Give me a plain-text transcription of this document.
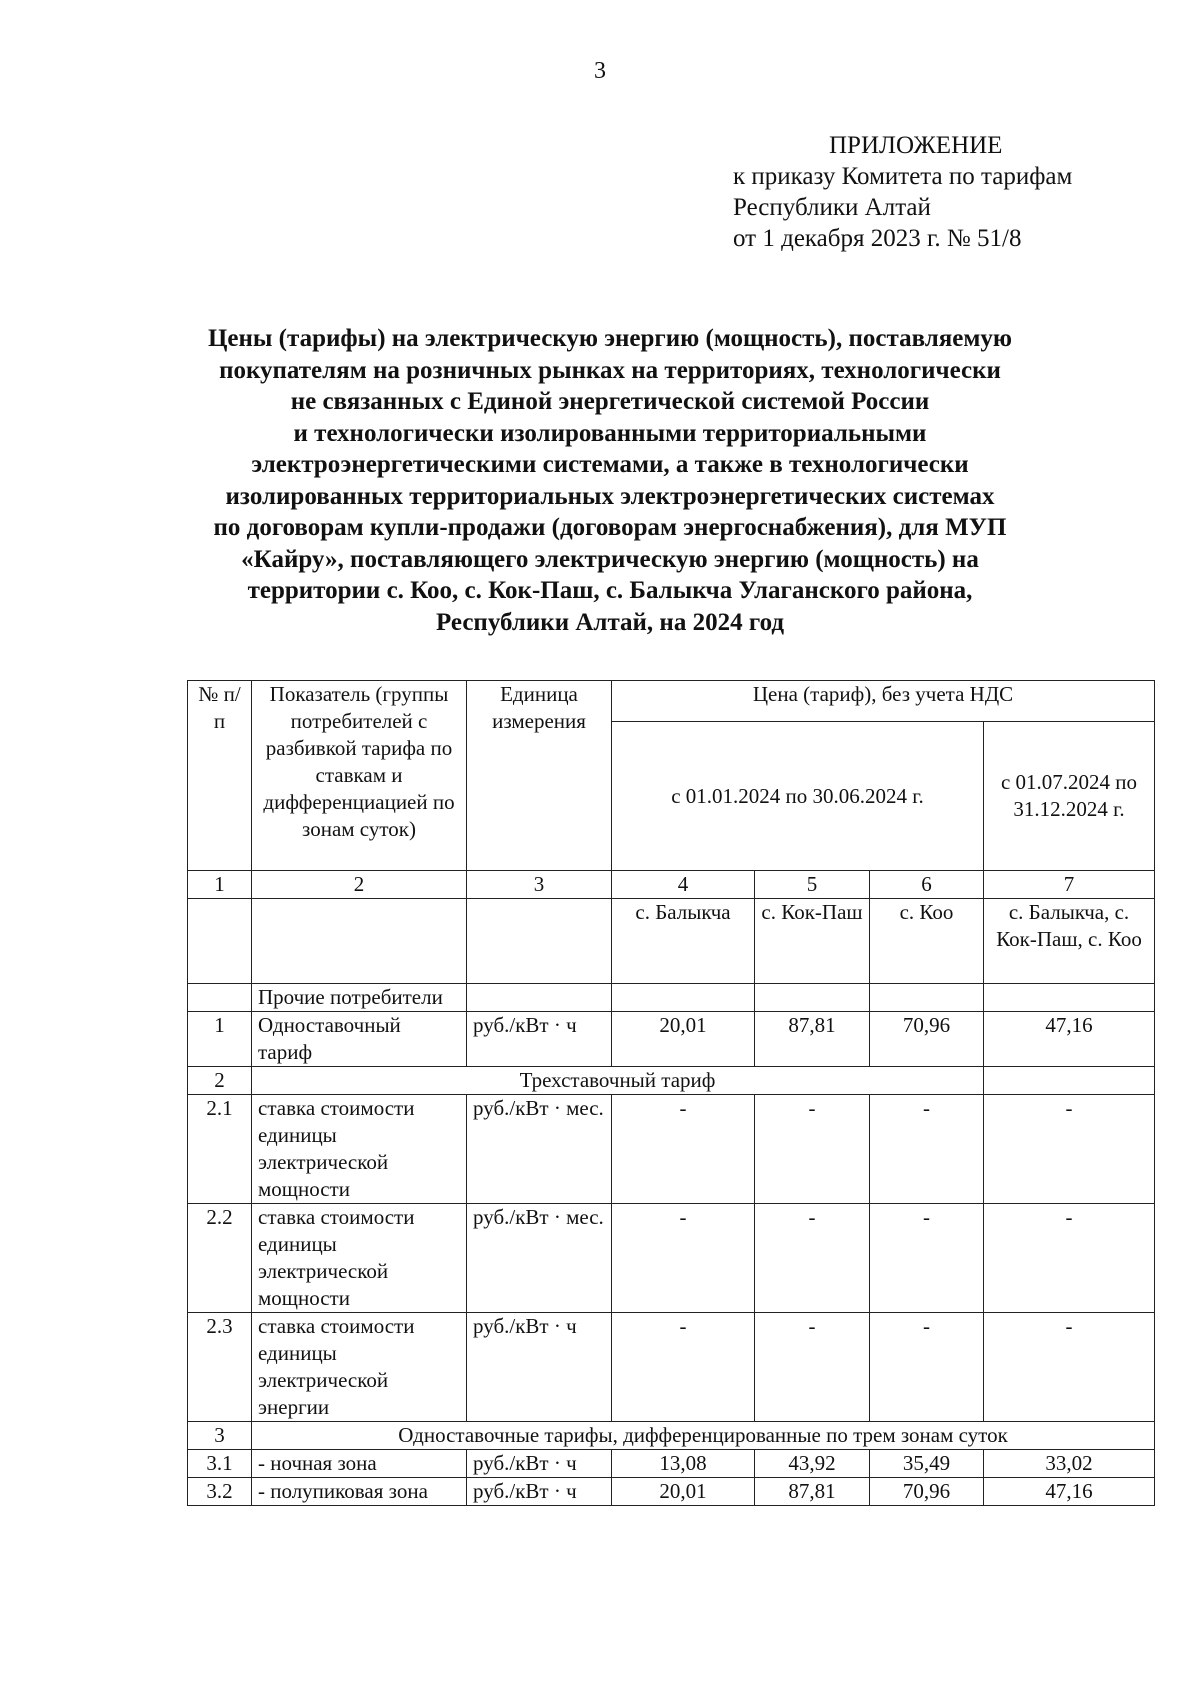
3
ПРИЛОЖЕНИЕ
к приказу Комитета по тарифам
Республики Алтай
от 1 декабря 2023 г. № 51/8
Цены (тарифы) на электрическую энергию (мощность), поставляемую
покупателям на розничных рынках на территориях, технологически
не связанных с Единой энергетической системой России
и технологически изолированными территориальными
электроэнергетическими системами, а также в технологически
изолированных территориальных электроэнергетических системах
по договорам купли-продажи (договорам энергоснабжения), для МУП
«Кайру», поставляющего электрическую энергию (мощность) на
территории с. Коо, с. Кок-Паш, с. Балыкча Улаганского района,
Республики Алтай, на 2024 год
№ п/п	Показатель (группы потребителей с разбивкой тарифа по ставкам и дифференциацией по зонам суток)	Единица измерения	Цена (тариф), без учета НДС			
			с 01.01.2024 по 30.06.2024 г.			с 01.07.2024 по 31.12.2024 г.
1	2	3	4	5	6	7
			с. Балыкча	с. Кок-Паш	с. Коо	с. Балыкча, с. Кок-Паш, с. Коо
	Прочие потребители					
1	Одноставочный тариф	руб./кВт · ч	20,01	87,81	70,96	47,16
2	Трехставочный тариф					
2.1	ставка стоимости единицы электрической мощности	руб./кВт · мес.	-	-	-	-
2.2	ставка стоимости единицы электрической мощности	руб./кВт · мес.	-	-	-	-
2.3	ставка стоимости единицы электрической энергии	руб./кВт · ч	-	-	-	-
3	Одноставочные тарифы, дифференцированные по трем зонам суток					
3.1	- ночная зона	руб./кВт · ч	13,08	43,92	35,49	33,02
3.2	- полупиковая зона	руб./кВт · ч	20,01	87,81	70,96	47,16
